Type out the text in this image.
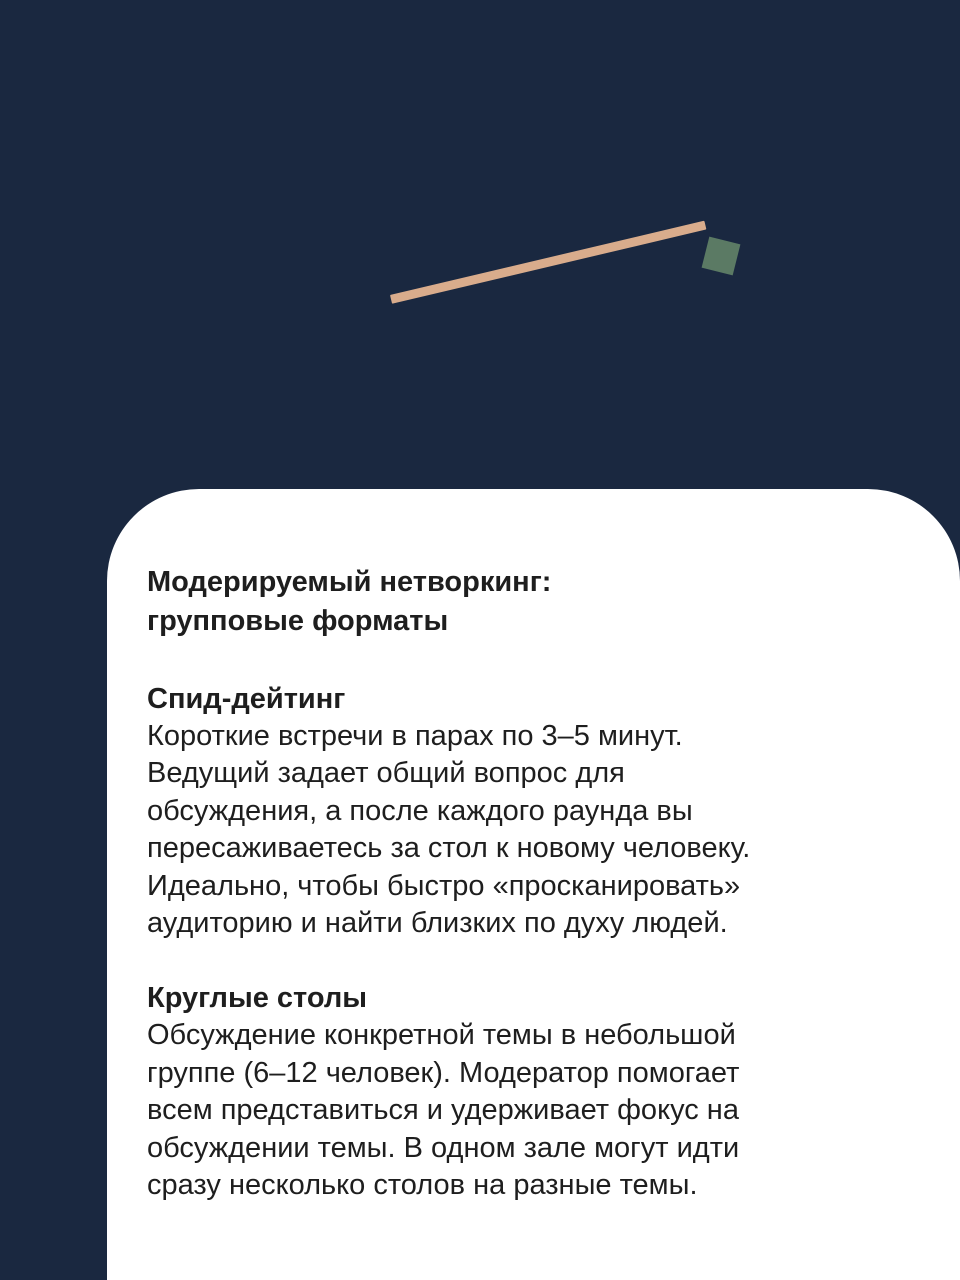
Модерируемый нетворкинг:
групповые форматы
Спид-дейтинг
Короткие встречи в парах по 3–5 минут.
Ведущий задает общий вопрос для
обсуждения, а после каждого раунда вы
пересаживаетесь за стол к новому человеку.
Идеально, чтобы быстро «просканировать»
аудиторию и найти близких по духу людей.
Круглые столы
Обсуждение конкретной темы в небольшой
группе (6–12 человек). Модератор помогает
всем представиться и удерживает фокус на
обсуждении темы. В одном зале могут идти
сразу несколько столов на разные темы.
